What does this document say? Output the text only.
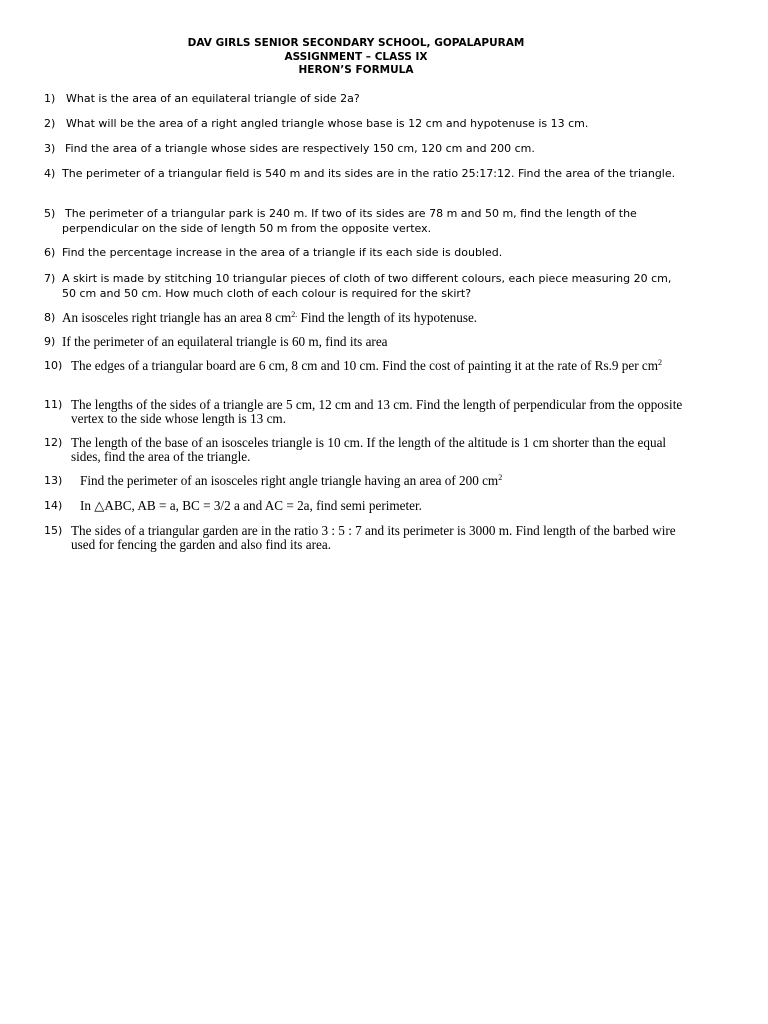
DAV GIRLS SENIOR SECONDARY SCHOOL, GOPALAPURAM
ASSIGNMENT – CLASS IX
HERON’S FORMULA
1) What is the area of an equilateral triangle of side 2a?
2) What will be the area of a right angled triangle whose base is 12 cm and hypotenuse is 13 cm.
3) Find the area of a triangle whose sides are respectively 150 cm, 120 cm and 200 cm.
4) The perimeter of a triangular field is 540 m and its sides are in the ratio 25:17:12. Find the area of the triangle.
5) The perimeter of a triangular park is 240 m. If two of its sides are 78 m and 50 m, find the length of the perpendicular on the side of length 50 m from the opposite vertex.
6) Find the percentage increase in the area of a triangle if its each side is doubled.
7) A skirt is made by stitching 10 triangular pieces of cloth of two different colours, each piece measuring 20 cm, 50 cm and 50 cm. How much cloth of each colour is required for the skirt?
8) An isosceles right triangle has an area 8 $cm^{2.}$ Find the length of its hypotenuse.
9) If the perimeter of an equilateral triangle is 60 m, find its area
10) The edges of a triangular board are 6 cm, 8 cm and 10 cm. Find the cost of painting it at the rate of Rs.9 per $cm^2$
11) The lengths of the sides of a triangle are 5 cm, 12 cm and 13 cm. Find the length of perpendicular from the opposite vertex to the side whose length is 13 cm.
12) The length of the base of an isosceles triangle is 10 cm. If the length of the altitude is 1 cm shorter than the equal sides, find the area of the triangle.
13)	Find the perimeter of an isosceles right angle triangle having an area of 200 $cm^2$
14)	In △ABC, AB = a, BC = 3/2 a and AC = 2a, find semi perimeter.
15) The sides of a triangular garden are in the ratio 3 : 5 : 7 and its perimeter is 3000 m. Find length of the barbed wire used for fencing the garden and also find its area.
